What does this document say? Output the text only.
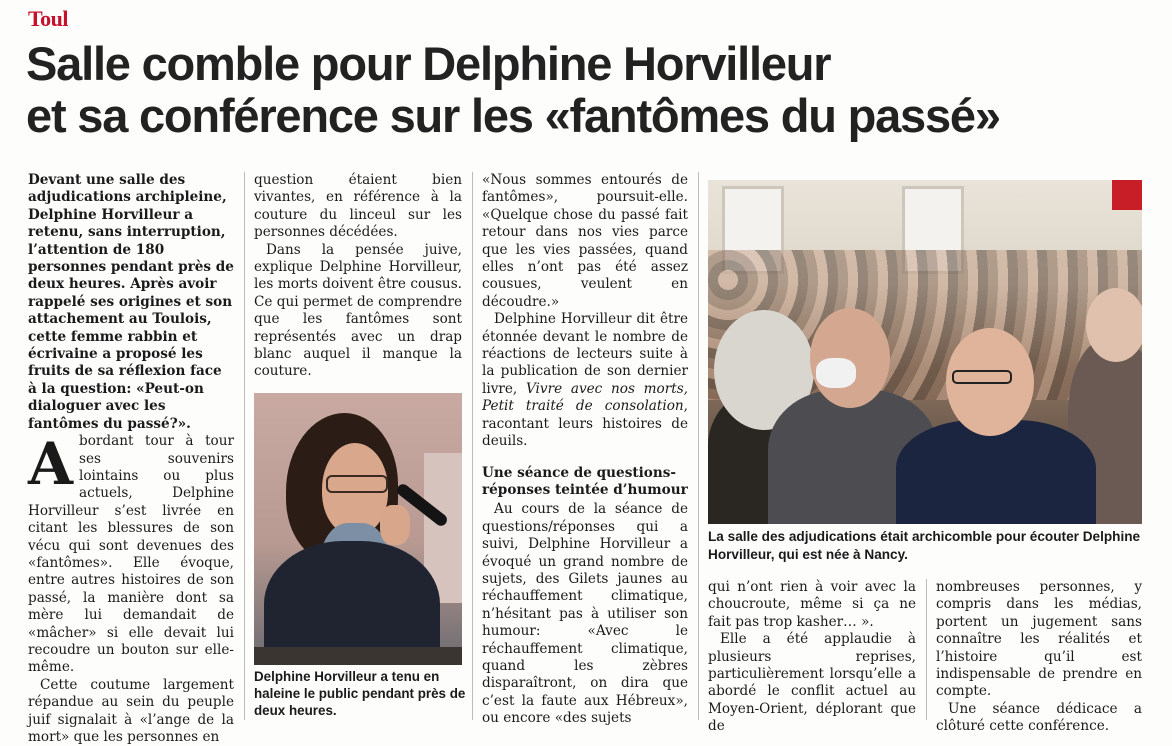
Toul
Salle comble pour Delphine Horvilleur
et sa conférence sur les «fantômes du passé»

Devant une salle des adjudications archipleine, Delphine Horvilleur a retenu, sans interruption, l’attention de 180 personnes pendant près de deux heures. Après avoir rappelé ses origines et son attachement au Toulois, cette femme rabbin et écrivaine a proposé les fruits de sa réflexion face à la question: «Peut-on dialoguer avec les fantômes du passé?».

A bordant tour à tour ses souvenirs lointains ou plus actuels, Delphine Horvilleur s’est livrée en citant les blessures de son vécu qui sont devenues des «fantômes». Elle évoque, entre autres histoires de son passé, la manière dont sa mère lui demandait de «mâcher» si elle devait lui recoudre un bouton sur elle-même.

Cette coutume largement répandue au sein du peuple juif signalait à «l’ange de la mort» que les personnes en

question étaient bien vivantes, en référence à la couture du linceul sur les personnes décédées.

Dans la pensée juive, explique Delphine Horvilleur, les morts doivent être cousus. Ce qui permet de comprendre que les fantômes sont représentés avec un drap blanc auquel il manque la couture.

Delphine Horvilleur a tenu en haleine le public pendant près de deux heures.

«Nous sommes entourés de fantômes», poursuit-elle. «Quelque chose du passé fait retour dans nos vies parce que les vies passées, quand elles n’ont pas été assez cousues, veulent en découdre.»

Delphine Horvilleur dit être étonnée devant le nombre de réactions de lecteurs suite à la publication de son dernier livre, Vivre avec nos morts, Petit traité de consolation, racontant leurs histoires de deuils.

Une séance de questions-réponses teintée d’humour

Au cours de la séance de questions/réponses qui a suivi, Delphine Horvilleur a évoqué un grand nombre de sujets, des Gilets jaunes au réchauffement climatique, n’hésitant pas à utiliser son humour: «Avec le réchauffement climatique, quand les zèbres disparaîtront, on dira que c’est la faute aux Hébreux», ou encore «des sujets

La salle des adjudications était archicomble pour écouter Delphine Horvilleur, qui est née à Nancy.

qui n’ont rien à voir avec la choucroute, même si ça ne fait pas trop kasher… ».

Elle a été applaudie à plusieurs reprises, particulièrement lorsqu’elle a abordé le conflit actuel au Moyen-Orient, déplorant que de

nombreuses personnes, y compris dans les médias, portent un jugement sans connaître les réalités et l’histoire qu’il est indispensable de prendre en compte.

Une séance dédicace a clôturé cette conférence.
